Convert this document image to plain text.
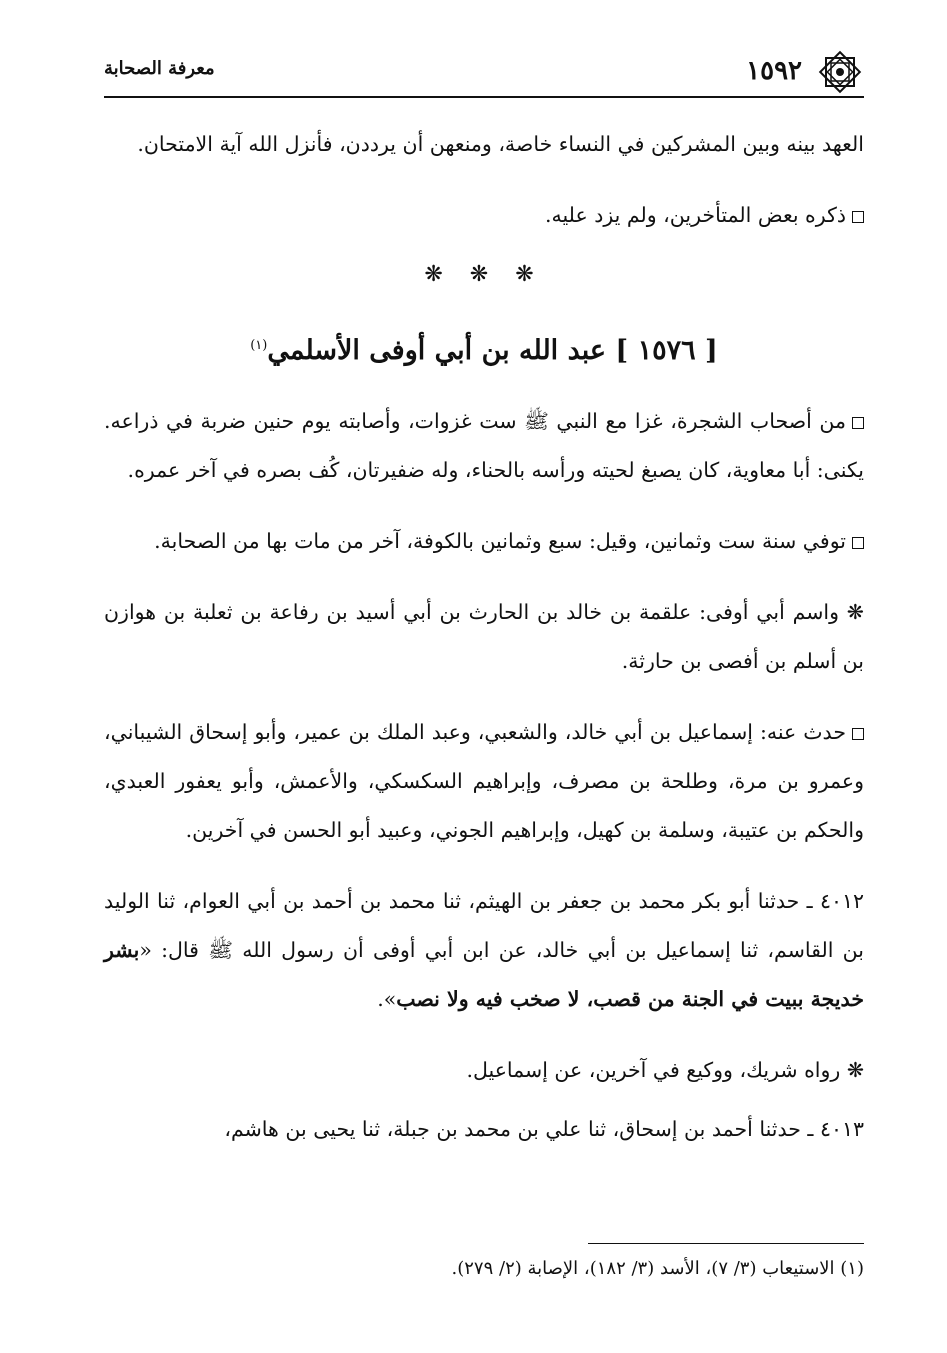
١٥٩٢
معرفة الصحابة

العهد بينه وبين المشركين في النساء خاصة، ومنعهن أن يرددن، فأنزل الله آية الامتحان.

ذكره بعض المتأخرين، ولم يزد عليه.

❋ ❋ ❋

[ ١٥٧٦ ] عبد الله بن أبي أوفى الأسلمي$^{(١)}$

من أصحاب الشجرة، غزا مع النبي ﷺ ست غزوات، وأصابته يوم حنين ضربة في ذراعه. يكنى: أبا معاوية، كان يصبغ لحيته ورأسه بالحناء، وله ضفيرتان، كُف بصره في آخر عمره.

توفي سنة ست وثمانين، وقيل: سبع وثمانين بالكوفة، آخر من مات بها من الصحابة.

❋ واسم أبي أوفى: علقمة بن خالد بن الحارث بن أبي أسيد بن رفاعة بن ثعلبة بن هوازن بن أسلم بن أفصى بن حارثة.

حدث عنه: إسماعيل بن أبي خالد، والشعبي، وعبد الملك بن عمير، وأبو إسحاق الشيباني، وعمرو بن مرة، وطلحة بن مصرف، وإبراهيم السكسكي، والأعمش، وأبو يعفور العبدي، والحكم بن عتيبة، وسلمة بن كهيل، وإبراهيم الجوني، وعبيد أبو الحسن في آخرين.

٤٠١٢ ـ حدثنا أبو بكر محمد بن جعفر بن الهيثم، ثنا محمد بن أحمد بن أبي العوام، ثنا الوليد بن القاسم، ثنا إسماعيل بن أبي خالد، عن ابن أبي أوفى أن رسول الله ﷺ قال: «بشر خديجة ببيت في الجنة من قصب، لا صخب فيه ولا نصب».

❋ رواه شريك، ووكيع في آخرين، عن إسماعيل.

٤٠١٣ ـ حدثنا أحمد بن إسحاق، ثنا علي بن محمد بن جبلة، ثنا يحيى بن هاشم،

(١) الاستيعاب (٣/ ٧)، الأسد (٣/ ١٨٢)، الإصابة (٢/ ٢٧٩).
